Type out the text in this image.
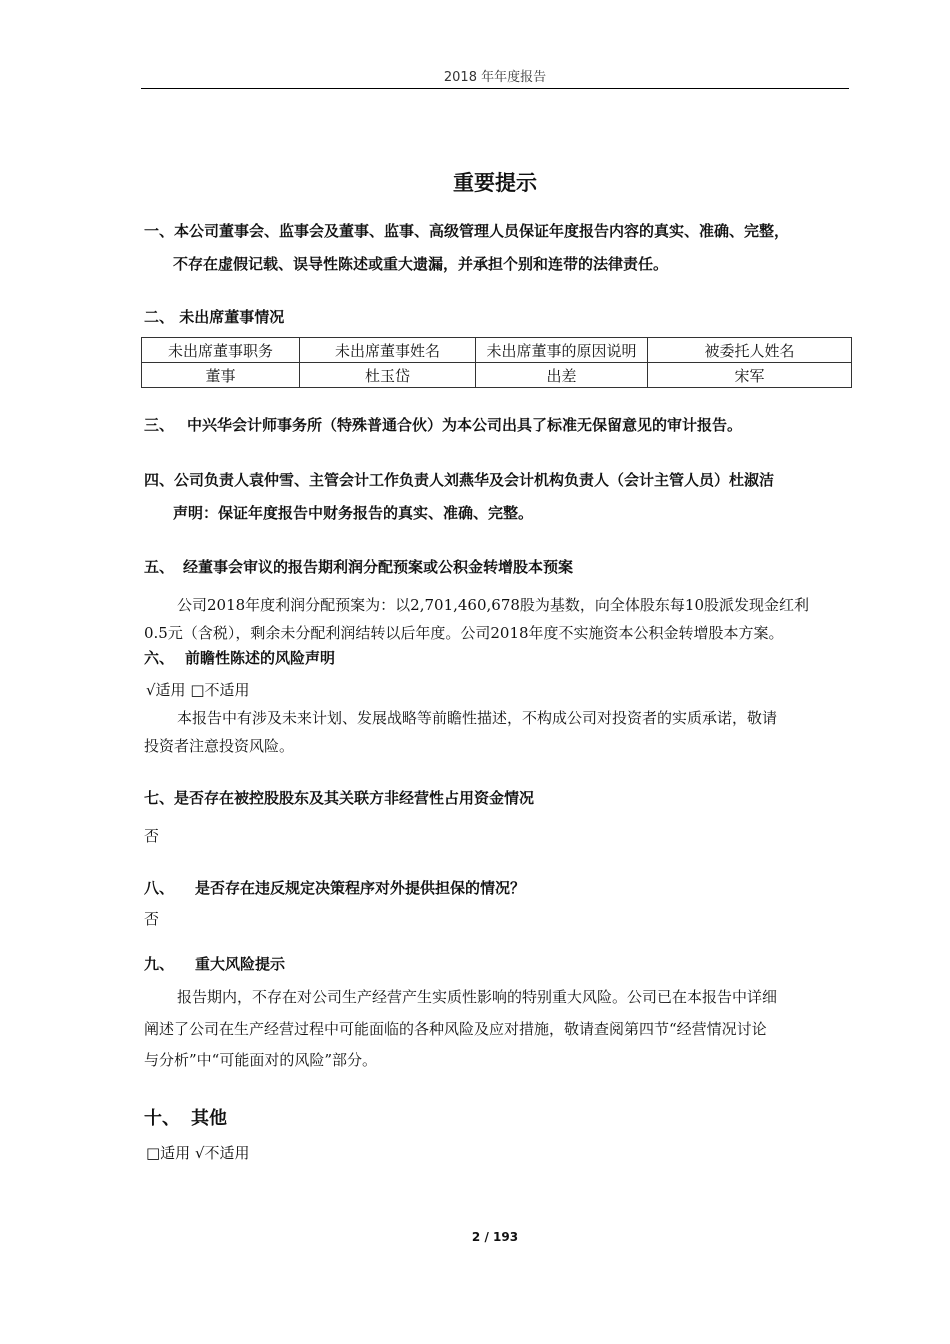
2018 年年度报告
重要提示
一、本公司董事会、监事会及董事、监事、高级管理人员保证年度报告内容的真实、准确、完整，
不存在虚假记载、误导性陈述或重大遗漏，并承担个别和连带的法律责任。
二、 未出席董事情况
未出席董事职务	未出席董事姓名	未出席董事的原因说明	被委托人姓名
董事	杜玉岱	出差	宋军
三、 中兴华会计师事务所（特殊普通合伙）为本公司出具了标准无保留意见的审计报告。
四、公司负责人袁仲雪、主管会计工作负责人刘燕华及会计机构负责人（会计主管人员）杜淑洁
声明：保证年度报告中财务报告的真实、准确、完整。
五、 经董事会审议的报告期利润分配预案或公积金转增股本预案
公司2018年度利润分配预案为：以2,701,460,678股为基数，向全体股东每10股派发现金红利
0.5元（含税），剩余未分配利润结转以后年度。公司2018年度不实施资本公积金转增股本方案。
六、 前瞻性陈述的风险声明
√适用 □不适用
本报告中有涉及未来计划、发展战略等前瞻性描述，不构成公司对投资者的实质承诺，敬请
投资者注意投资风险。
七、是否存在被控股股东及其关联方非经营性占用资金情况
否
八、 是否存在违反规定决策程序对外提供担保的情况？
否
九、 重大风险提示
报告期内，不存在对公司生产经营产生实质性影响的特别重大风险。公司已在本报告中详细
阐述了公司在生产经营过程中可能面临的各种风险及应对措施，敬请查阅第四节“经营情况讨论
与分析”中“可能面对的风险”部分。
十、 其他
□适用 √不适用
2 / 193
